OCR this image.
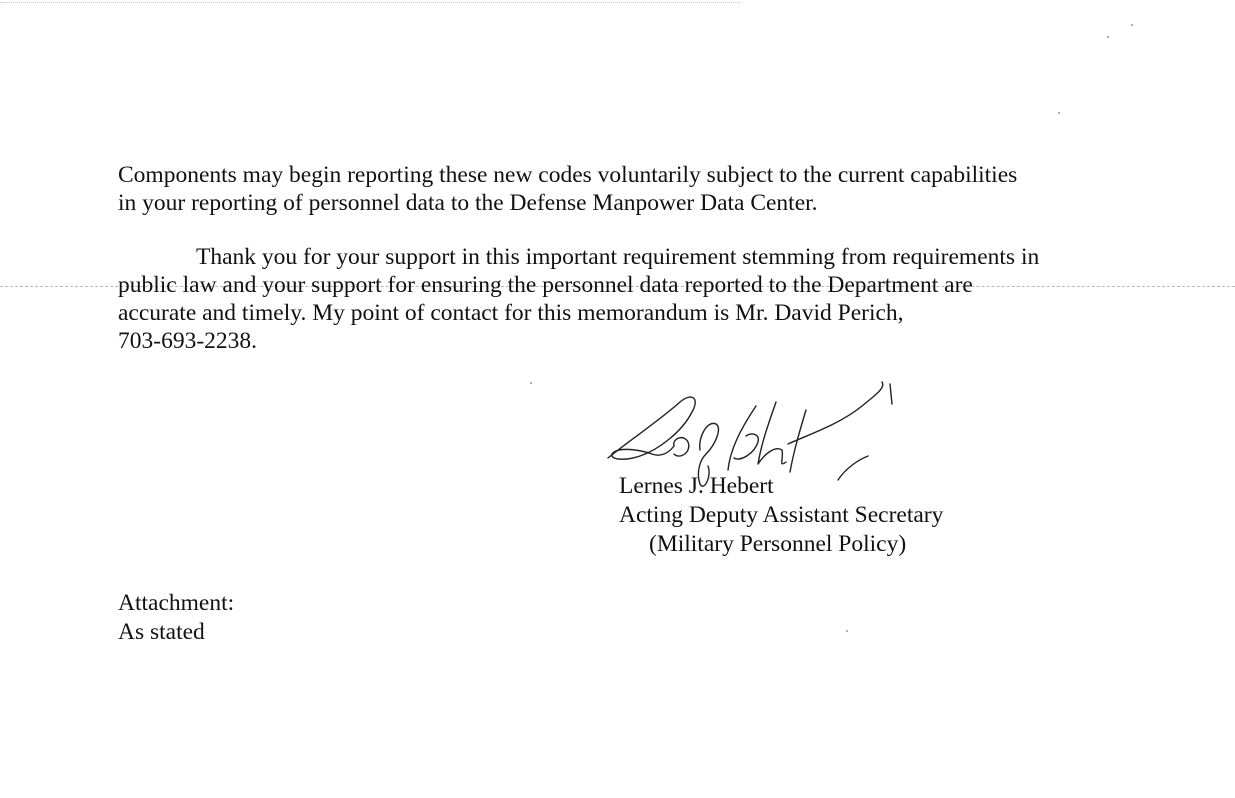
Components may begin reporting these new codes voluntarily subject to the current capabilities
in your reporting of personnel data to the Defense Manpower Data Center.

Thank you for your support in this important requirement stemming from requirements in
public law and your support for ensuring the personnel data reported to the Department are
accurate and timely. My point of contact for this memorandum is Mr. David Perich,
703-693-2238.

Lernes J. Hebert
Acting Deputy Assistant Secretary
(Military Personnel Policy)
Attachment:
As stated
